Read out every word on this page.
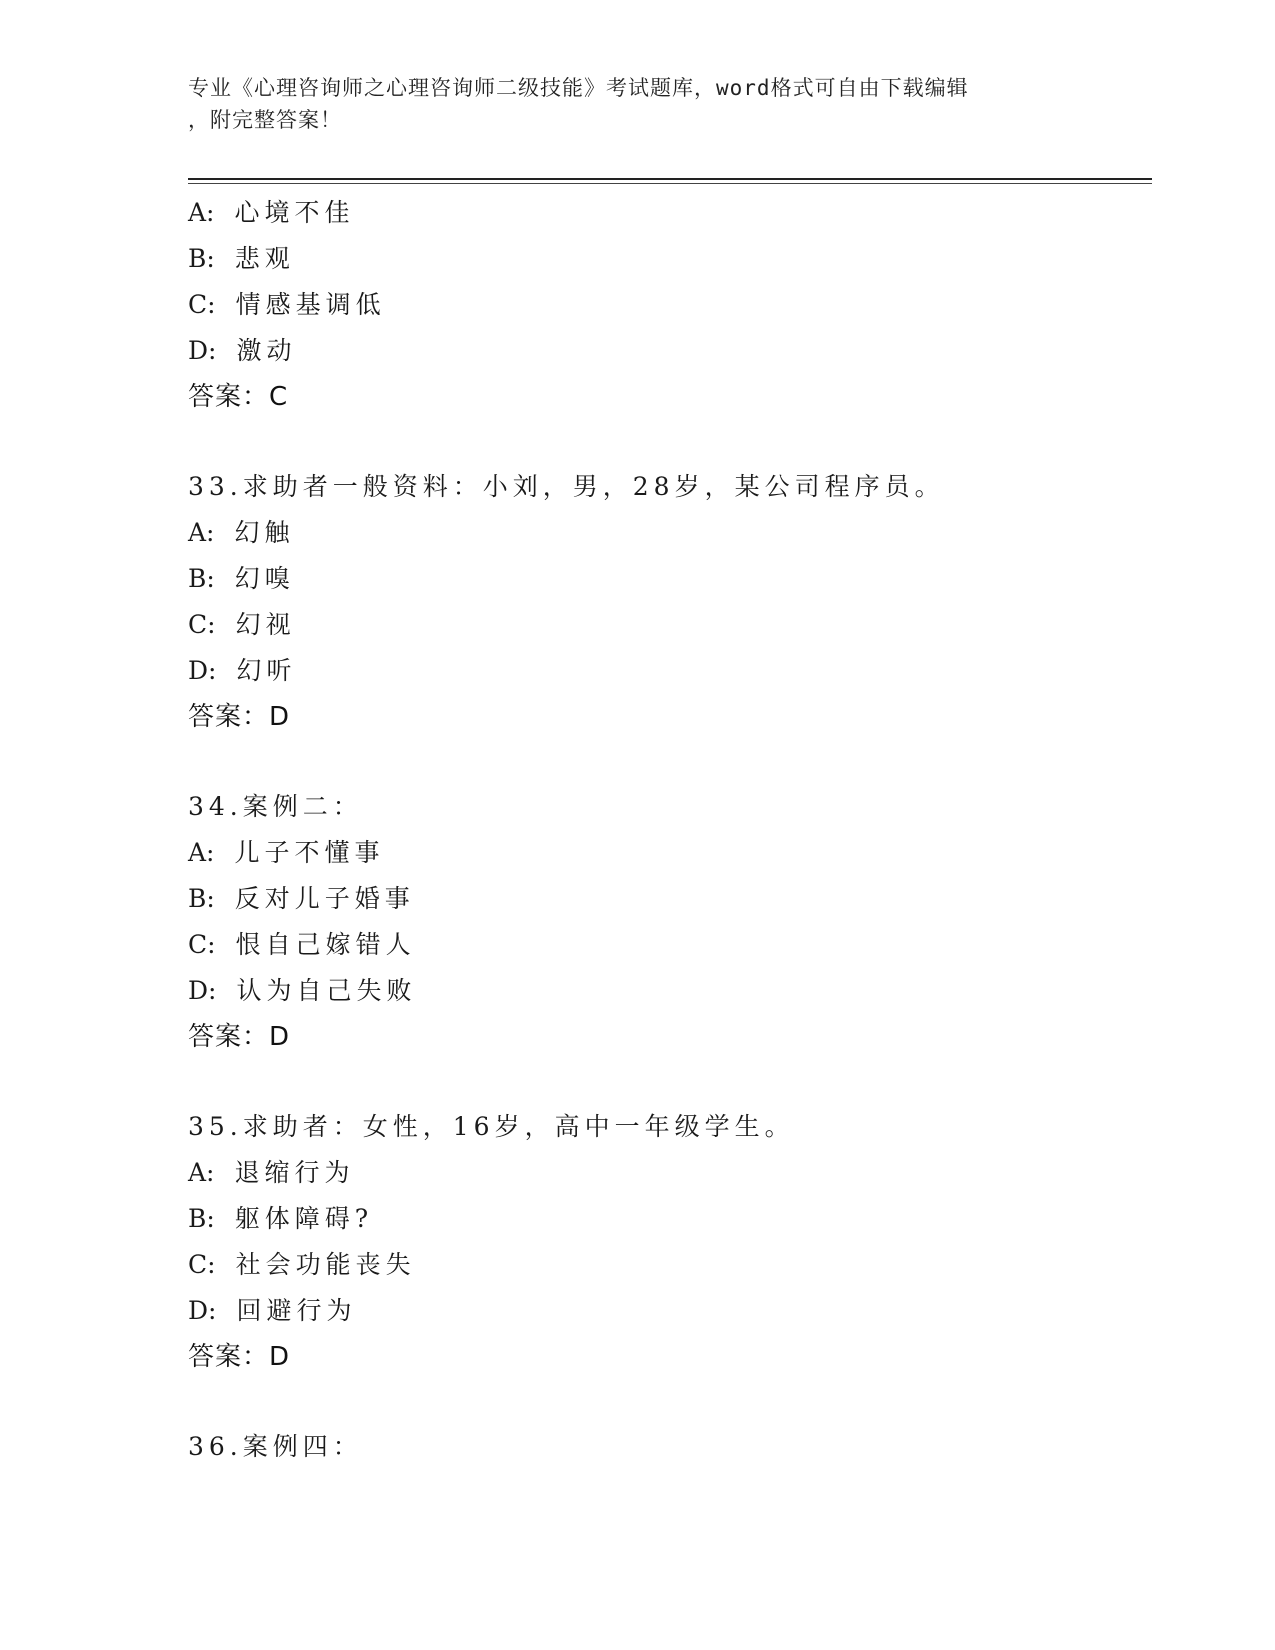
专业《心理咨询师之心理咨询师二级技能》考试题库，word格式可自由下载编辑
，附完整答案！
A: 心境不佳
B: 悲观
C: 情感基调低
D: 激动
答案：C
33.求助者一般资料：小刘，男，28岁，某公司程序员。
A: 幻触
B: 幻嗅
C: 幻视
D: 幻听
答案：D
34.案例二：
A: 儿子不懂事
B: 反对儿子婚事
C: 恨自己嫁错人
D: 认为自己失败
答案：D
35.求助者：女性，16岁，高中一年级学生。
A: 退缩行为
B: 躯体障碍?
C: 社会功能丧失
D: 回避行为
答案：D
36.案例四：
